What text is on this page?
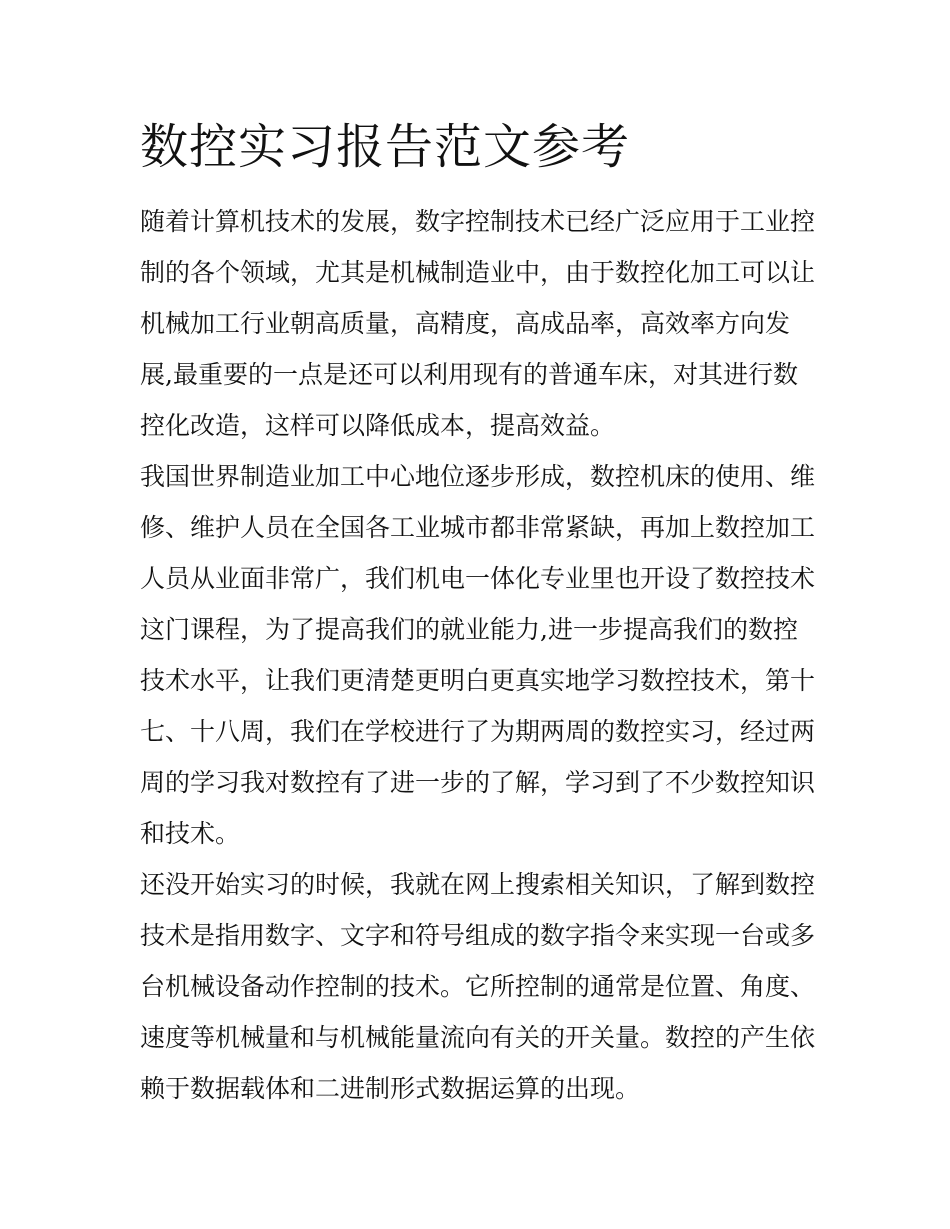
数控实习报告范文参考
随着计算机技术的发展，数字控制技术已经广泛应用于工业控
制的各个领域，尤其是机械制造业中，由于数控化加工可以让
机械加工行业朝高质量，高精度，高成品率，高效率方向发
展,最重要的一点是还可以利用现有的普通车床，对其进行数
控化改造，这样可以降低成本，提高效益。
我国世界制造业加工中心地位逐步形成，数控机床的使用、维
修、维护人员在全国各工业城市都非常紧缺，再加上数控加工
人员从业面非常广，我们机电一体化专业里也开设了数控技术
这门课程，为了提高我们的就业能力,进一步提高我们的数控
技术水平，让我们更清楚更明白更真实地学习数控技术，第十
七、十八周，我们在学校进行了为期两周的数控实习，经过两
周的学习我对数控有了进一步的了解，学习到了不少数控知识
和技术。
还没开始实习的时候，我就在网上搜索相关知识，了解到数控
技术是指用数字、文字和符号组成的数字指令来实现一台或多
台机械设备动作控制的技术。它所控制的通常是位置、角度、
速度等机械量和与机械能量流向有关的开关量。数控的产生依
赖于数据载体和二进制形式数据运算的出现。
